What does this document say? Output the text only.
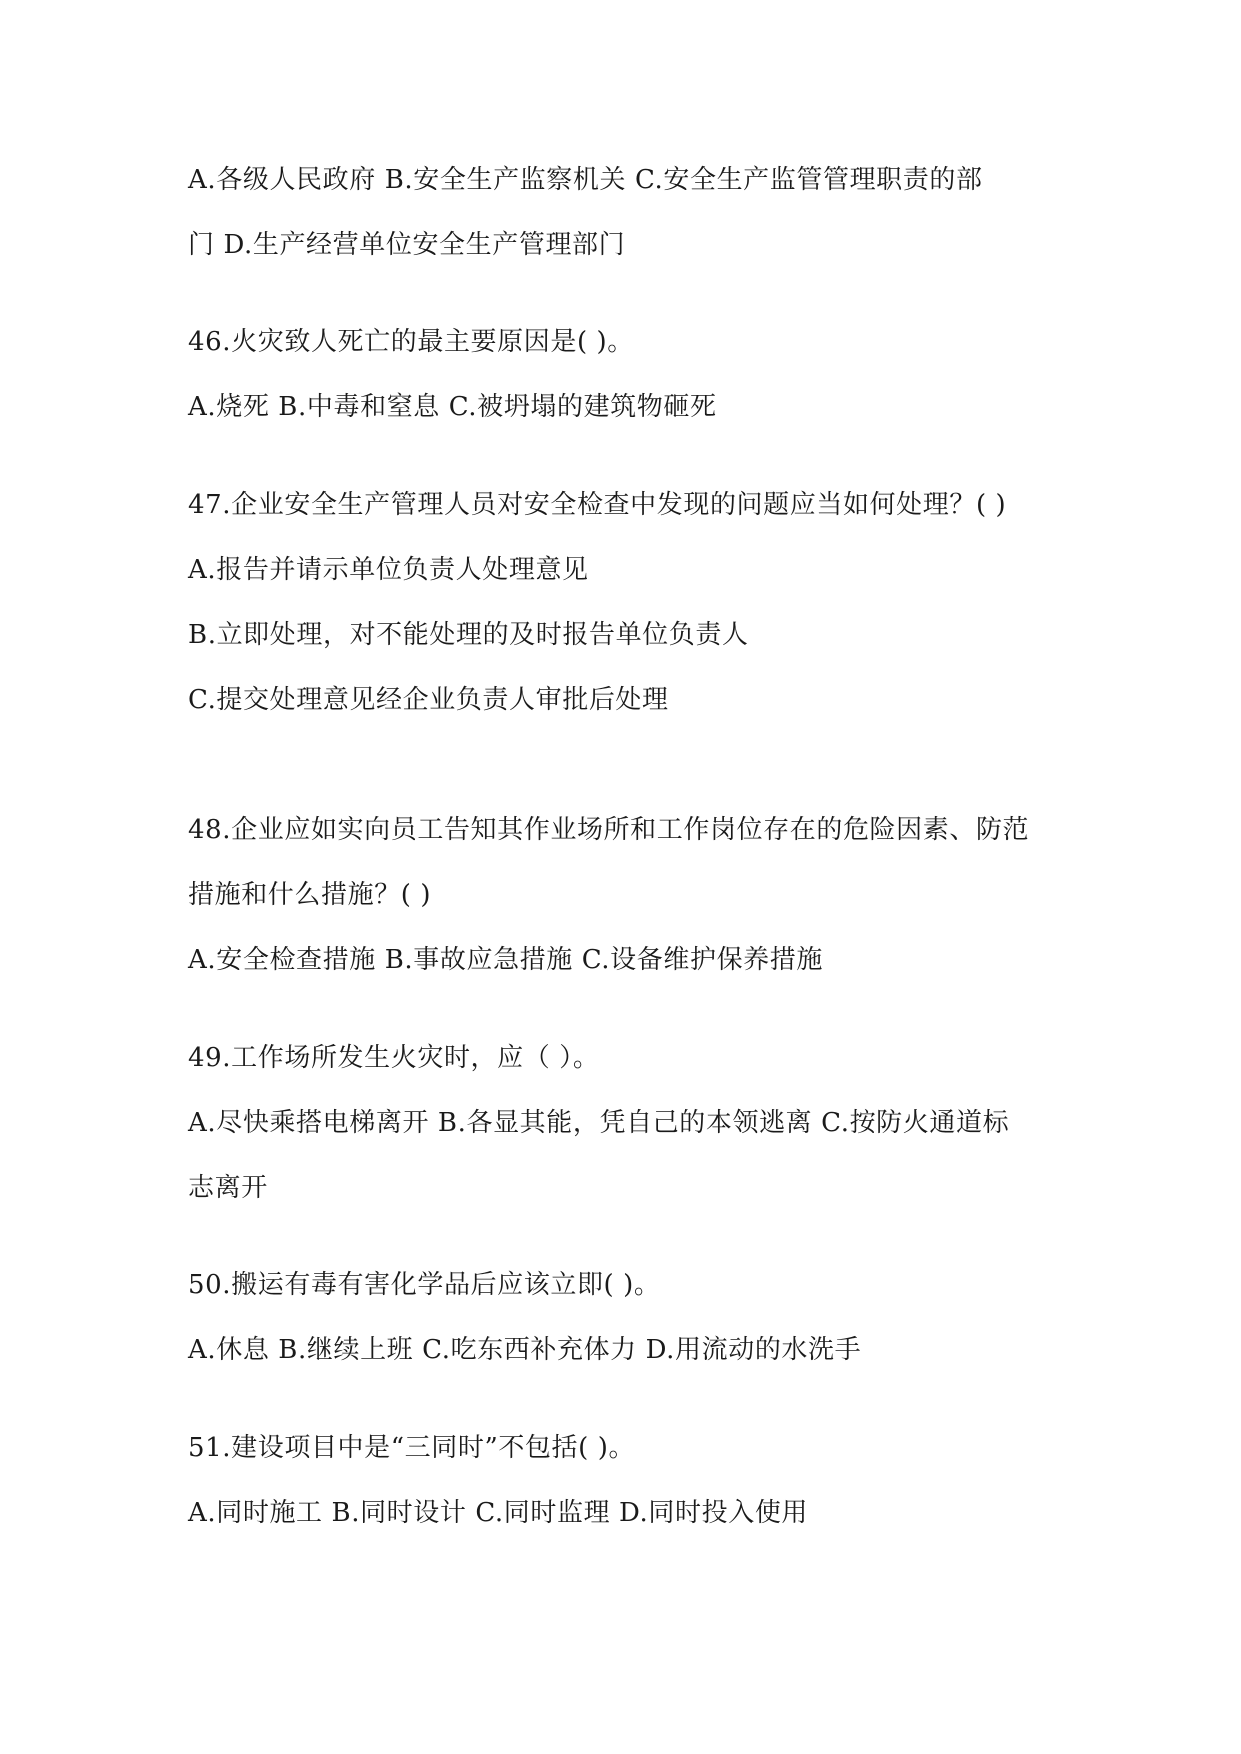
A.各级人民政府 B.安全生产监察机关 C.安全生产监管管理职责的部
门 D.生产经营单位安全生产管理部门
46.火灾致人死亡的最主要原因是( )。
A.烧死 B.中毒和窒息 C.被坍塌的建筑物砸死
47.企业安全生产管理人员对安全检查中发现的问题应当如何处理？( )
A.报告并请示单位负责人处理意见
B.立即处理，对不能处理的及时报告单位负责人
C.提交处理意见经企业负责人审批后处理
48.企业应如实向员工告知其作业场所和工作岗位存在的危险因素、防范
措施和什么措施？( )
A.安全检查措施 B.事故应急措施 C.设备维护保养措施
49.工作场所发生火灾时，应（ ）。
A.尽快乘搭电梯离开 B.各显其能，凭自己的本领逃离 C.按防火通道标
志离开
50.搬运有毒有害化学品后应该立即( )。
A.休息 B.继续上班 C.吃东西补充体力 D.用流动的水洗手
51.建设项目中是“三同时”不包括( )。
A.同时施工 B.同时设计 C.同时监理 D.同时投入使用
